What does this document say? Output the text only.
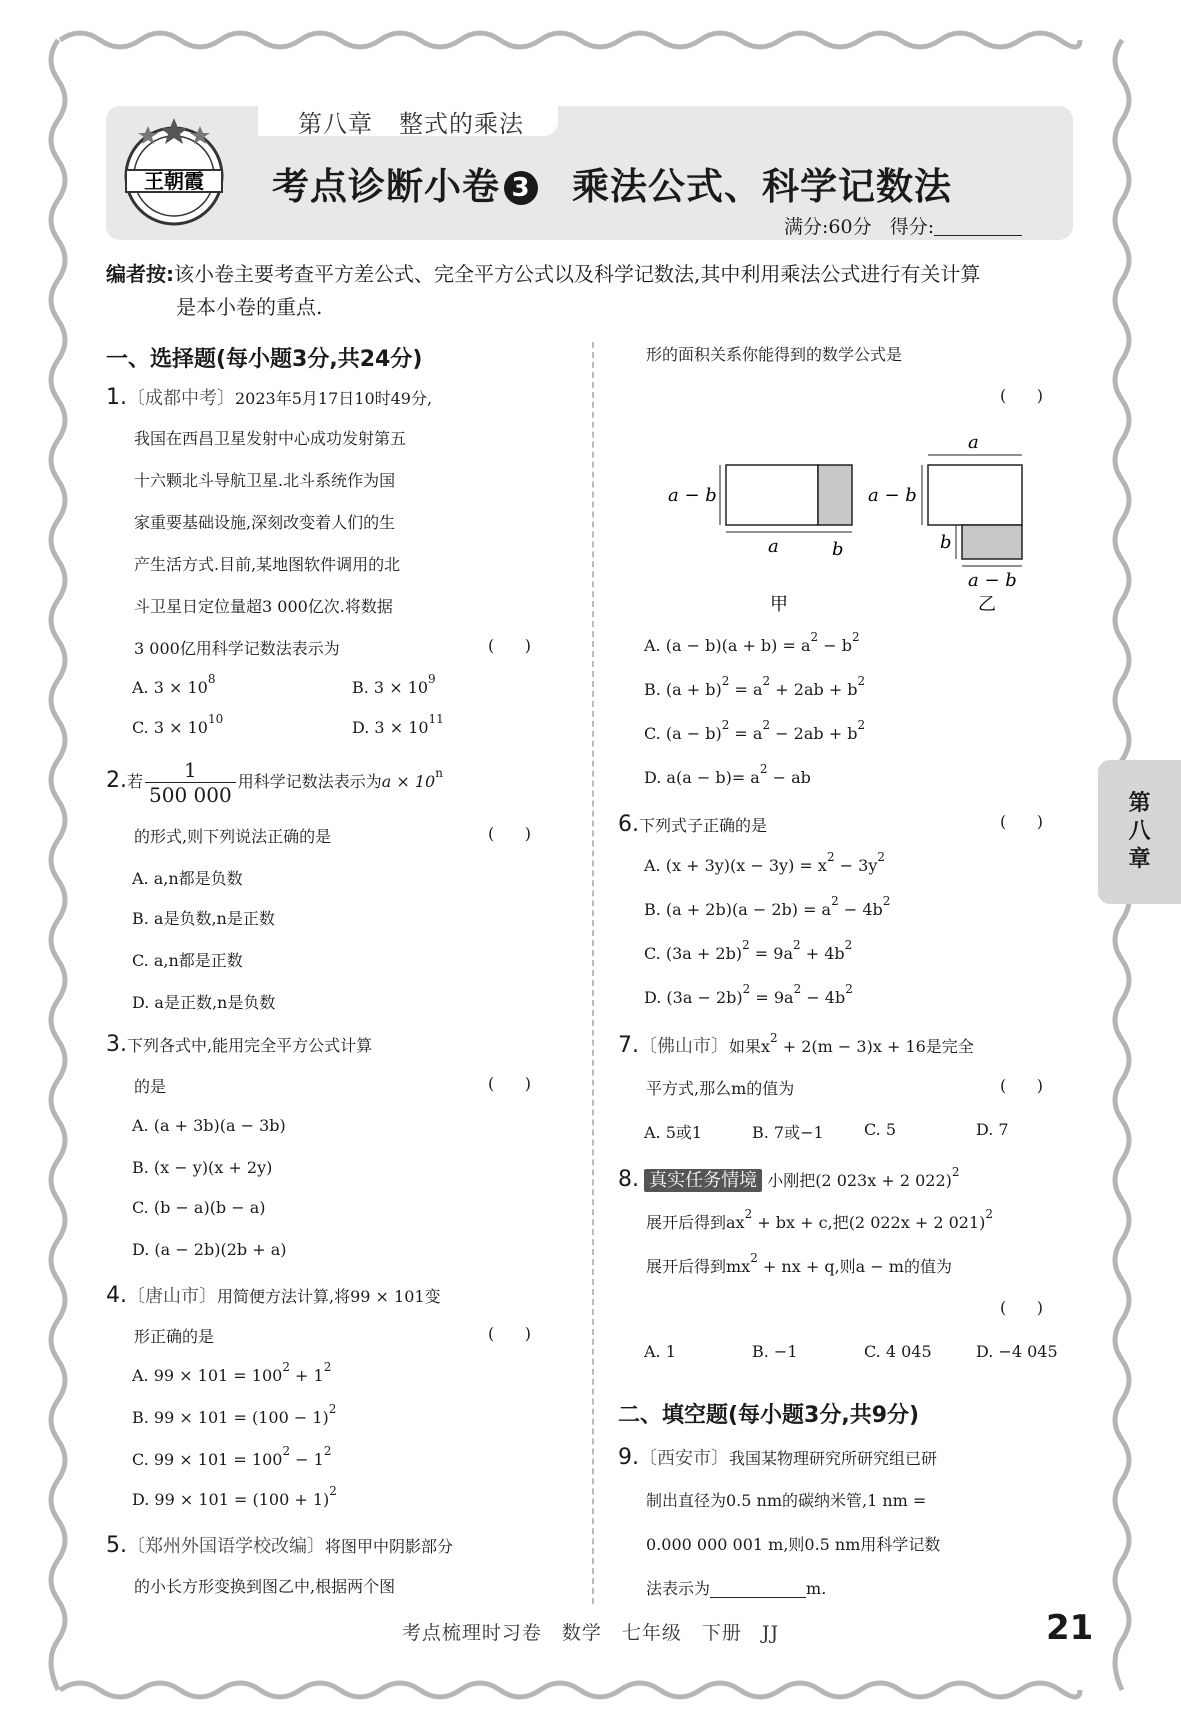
王朝霞
第八章 整式的乘法
考点诊断小卷 3 乘法公式、科学记数法
满分:60分 得分:
编者按:该小卷主要考查平方差公式、完全平方公式以及科学记数法,其中利用乘法公式进行有关计算
是本小卷的重点.
一、选择题(每小题3分,共24分)
1.〔成都中考〕2023年5月17日10时49分,
我国在西昌卫星发射中心成功发射第五
十六颗北斗导航卫星.北斗系统作为国
家重要基础设施,深刻改变着人们的生
产生活方式.目前,某地图软件调用的北
斗卫星日定位量超3 000亿次.将数据
3 000亿用科学记数法表示为	(      )
A. $3 \times 10^8$	B. $3 \times 10^9$
C. $3 \times 10^{10}$	D. $3 \times 10^{11}$
2.若 $\frac{1}{500 000}$ 用科学记数法表示为$a \times 10^n$
的形式,则下列说法正确的是	(      )
A. a,n都是负数
B. a是负数,n是正数
C. a,n都是正数
D. a是正数,n是负数
3.下列各式中,能用完全平方公式计算
的是	(      )
A. (a + 3b)(a − 3b)
B. (x − y)(x + 2y)
C. (b − a)(b − a)
D. (a − 2b)(2b + a)
4.〔唐山市〕用简便方法计算,将99 × 101变
形正确的是	(      )
A. $99 \times 101 = 100^2 + 1^2$
B. $99 \times 101 = (100 - 1)^2$
C. $99 \times 101 = 100^2 - 1^2$
D. $99 \times 101 = (100 + 1)^2$
5.〔郑州外国语学校改编〕将图甲中阴影部分
的小长方形变换到图乙中,根据两个图
形的面积关系你能得到的数学公式是
(      )
a − b
a	b
甲
a
a − b
b
a − b
乙
A. $(a - b)(a + b) = a^2 - b^2$
B. $(a + b)^2 = a^2 + 2ab + b^2$
C. $(a - b)^2 = a^2 - 2ab + b^2$
D. $a(a - b)= a^2$ − ab
6.下列式子正确的是	(      )
A. $(x + 3y)(x - 3y) = x^2 - 3y^2$
B. $(a + 2b)(a - 2b) = a^2 - 4b^2$
C. $(3a + 2b)^2 = 9a^2 + 4b^2$
D. $(3a - 2b)^2 = 9a^2 - 4b^2$
7.〔佛山市〕如果$x^2 + 2(m - 3)x + 16$是完全
平方式,那么m的值为	(      )
A. 5或1	B. 7或−1	C. 5	D. 7
8. 真实任务情境 小刚把(2 023x + 2 022)$^2$
展开后得到$ax^2$ + bx + c,把(2 022x + 2 021)$^2$
展开后得到$mx^2$ + nx + q,则a − m的值为
(      )
A. 1	B. −1	C. 4 045	D. −4 045
二、填空题(每小题3分,共9分)
9.〔西安市〕我国某物理研究所研究组已研
制出直径为0.5 nm的碳纳米管,1 nm =
0.000 000 001 m,则0.5 nm用科学记数
法表示为	m.
第
八
章
考点梳理时习卷 数学 七年级 下册 JJ	21
